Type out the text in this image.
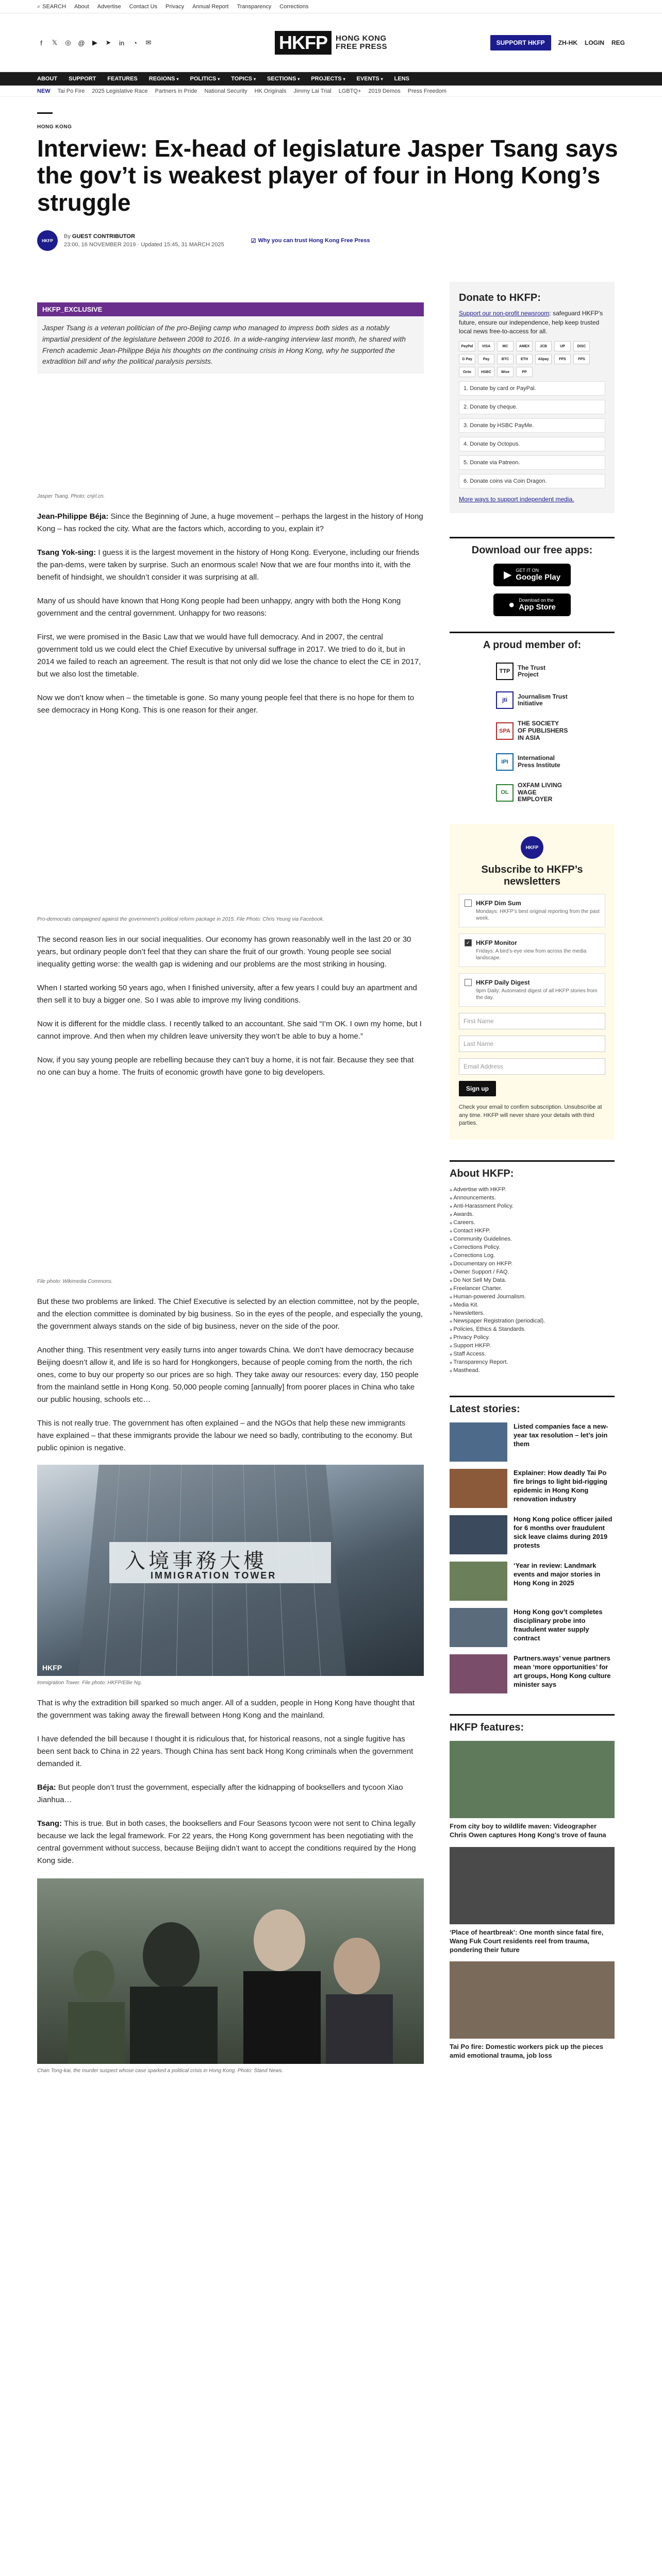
⌕ SEARCH About Advertise Contact Us Privacy Annual Report Transparency Corrections
f	𝕏 ◎ @ ▶ ➤ in	◔	✉	HKFP	HONG KONG
FREE PRESS	SUPPORT HKFP	ZH-HK LOGIN REG
ABOUT SUPPORT FEATURES REGIONS ▾ POLITICS ▾ TOPICS ▾ SECTIONS ▾ PROJECTS ▾ EVENTS ▾ LENS
NEW Tai Po Fire 2025 Legislative Race Partners in Pride National Security HK Originals Jimmy Lai Trial LGBTQ+ 2019 Demos Press Freedom
HONG KONG
Interview: Ex-head of legislature Jasper Tsang says the gov’t is weakest player of four in Hong Kong’s struggle
HKFP
By GUEST CONTRIBUTOR
23:00, 16 NOVEMBER 2019 · Updated 15:45, 31 MARCH 2025
☑ Why you can trust Hong Kong Free Press
HKFP_EXCLUSIVE
Jasper Tsang is a veteran politician of the pro-Beijing camp who managed to impress both sides as a notably impartial president of the legislature between 2008 to 2016. In a wide-ranging interview last month, he shared with French academic Jean-Philippe Béja his thoughts on the continuing crisis in Hong Kong, why he supported the extradition bill and why the political paralysis persists.
Jasper Tsang. Photo: cnjrl.cn.

Jean-Philippe Béja: Since the Beginning of June, a huge movement – perhaps the largest in the history of Hong Kong – has rocked the city. What are the factors which, according to you, explain it?

Tsang Yok-sing: I guess it is the largest movement in the history of Hong Kong. Everyone, including our friends the pan-dems, were taken by surprise. Such an enormous scale! Now that we are four months into it, with the benefit of hindsight, we shouldn’t consider it was surprising at all.

Many of us should have known that Hong Kong people had been unhappy, angry with both the Hong Kong government and the central government. Unhappy for two reasons:

First, we were promised in the Basic Law that we would have full democracy. And in 2007, the central government told us we could elect the Chief Executive by universal suffrage in 2017. We tried to do it, but in 2014 we failed to reach an agreement. The result is that not only did we lose the chance to elect the CE in 2017, but we also lost the timetable.

Now we don’t know when – the timetable is gone. So many young people feel that there is no hope for them to see democracy in Hong Kong. This is one reason for their anger.

Pro-democrats campaigned against the government’s political reform package in 2015. File Photo: Chris Yeung via Facebook.

The second reason lies in our social inequalities. Our economy has grown reasonably well in the last 20 or 30 years, but ordinary people don’t feel that they can share the fruit of our growth. Young people see social inequality getting worse: the wealth gap is widening and our problems are the most striking in housing.

When I started working 50 years ago, when I finished university, after a few years I could buy an apartment and then sell it to buy a bigger one. So I was able to improve my living conditions.

Now it is different for the middle class. I recently talked to an accountant. She said “I’m OK. I own my home, but I cannot improve. And then when my children leave university they won’t be able to buy a home.”

Now, if you say young people are rebelling because they can’t buy a home, it is not fair. Because they see that no one can buy a home. The fruits of economic growth have gone to big developers.

File photo: Wikimedia Commons.

But these two problems are linked. The Chief Executive is selected by an election committee, not by the people, and the election committee is dominated by big business. So in the eyes of the people, and especially the young, the government always stands on the side of big business, never on the side of the poor.

Another thing. This resentment very easily turns into anger towards China. We don’t have democracy because Beijing doesn’t allow it, and life is so hard for Hongkongers, because of people coming from the north, the rich ones, come to buy our property so our prices are so high. They take away our resources: every day, 150 people from the mainland settle in Hong Kong. 50,000 people coming [annually] from poorer places in China who take our public housing, schools etc…

This is not really true. The government has often explained – and the NGOs that help these new immigrants have explained – that these immigrants provide the labour we need so badly, contributing to the economy. But public opinion is negative.

入境事務大樓
IMMIGRATION TOWER
HKFP
Immigration Tower. File photo: HKFP/Ellie Ng.

That is why the extradition bill sparked so much anger. All of a sudden, people in Hong Kong have thought that the government was taking away the firewall between Hong Kong and the mainland.

I have defended the bill because I thought it is ridiculous that, for historical reasons, not a single fugitive has been sent back to China in 22 years. Though China has sent back Hong Kong criminals when the government demanded it.

Béja: But people don’t trust the government, especially after the kidnapping of booksellers and tycoon Xiao Jianhua…

Tsang: This is true. But in both cases, the booksellers and Four Seasons tycoon were not sent to China legally because we lack the legal framework. For 22 years, the Hong Kong government has been negotiating with the central government without success, because Beijing didn’t want to accept the conditions required by the Hong Kong side.

Chan Tong-kai, the murder suspect whose case sparked a political crisis in Hong Kong. Photo: Stand News.
Donate to HKFP:

Support our non-profit newsroom: safeguard HKFP’s future, ensure our independence, help keep trusted local news free-to-access for all.

PayPal	VISA	MC	AMEX	JCB	UP	DISC
G Pay	Pay	BTC	ETH	Alipay	FPS	FPS
Octo	HSBC	Wise	PP
1. Donate by card or PayPal.
2. Donate by cheque.
3. Donate by HSBC PayMe.
4. Donate by Octopus.
5. Donate via Patreon.
6. Donate coins via Coin Dragon.
More ways to support independent media.
Download our free apps:
▶ GET IT ON
Google Play
● Download on the
App Store
A proud member of:
TTP
The Trust Project
jti
Journalism Trust Initiative
SPA
THE SOCIETY OF PUBLISHERS IN ASIA
IPI
International Press Institute
OL
OXFAM LIVING WAGE EMPLOYER
HKFP
Subscribe to HKFP’s newsletters
HKFP Dim Sum
Mondays: HKFP’s best original reporting from the past week.
✓ HKFP Monitor
Fridays: A bird’s-eye view from across the media landscape.
HKFP Daily Digest
9pm Daily: Automated digest of all HKFP stories from the day.
First Name
Last Name
Email Address
Sign up
Check your email to confirm subscription. Unsubscribe at any time. HKFP will never share your details with third parties.
About HKFP:
◆ Advertise with HKFP.
◆ Announcements.
◆ Anti-Harassment Policy.
◆ Awards.
◆ Careers.
◆ Contact HKFP.
◆ Community Guidelines.
◆ Corrections Policy.
◆ Corrections Log.
◆ Documentary on HKFP.
◆ Owner Support / FAQ.
◆ Do Not Sell My Data.
◆ Freelancer Charter.
◆ Human-powered Journalism.
◆ Media Kit.
◆ Newsletters.
◆ Newspaper Registration (periodical).
◆ Policies, Ethics & Standards.
◆ Privacy Policy.
◆ Support HKFP.
◆ Staff Access.
◆ Transparency Report.
◆ Masthead.
Latest stories:
Listed companies face a new-year tax resolution – let’s join them
Explainer: How deadly Tai Po fire brings to light bid-rigging epidemic in Hong Kong renovation industry
Hong Kong police officer jailed for 6 months over fraudulent sick leave claims during 2019 protests
‘Year in review: Landmark events and major stories in Hong Kong in 2025
Hong Kong gov’t completes disciplinary probe into fraudulent water supply contract
Partners.ways’ venue partners mean ‘more opportunities’ for art groups, Hong Kong culture minister says
HKFP features:
From city boy to wildlife maven: Videographer Chris Owen captures Hong Kong’s trove of fauna
‘Place of heartbreak’: One month since fatal fire, Wang Fuk Court residents reel from trauma, pondering their future
Tai Po fire: Domestic workers pick up the pieces amid emotional trauma, job loss
